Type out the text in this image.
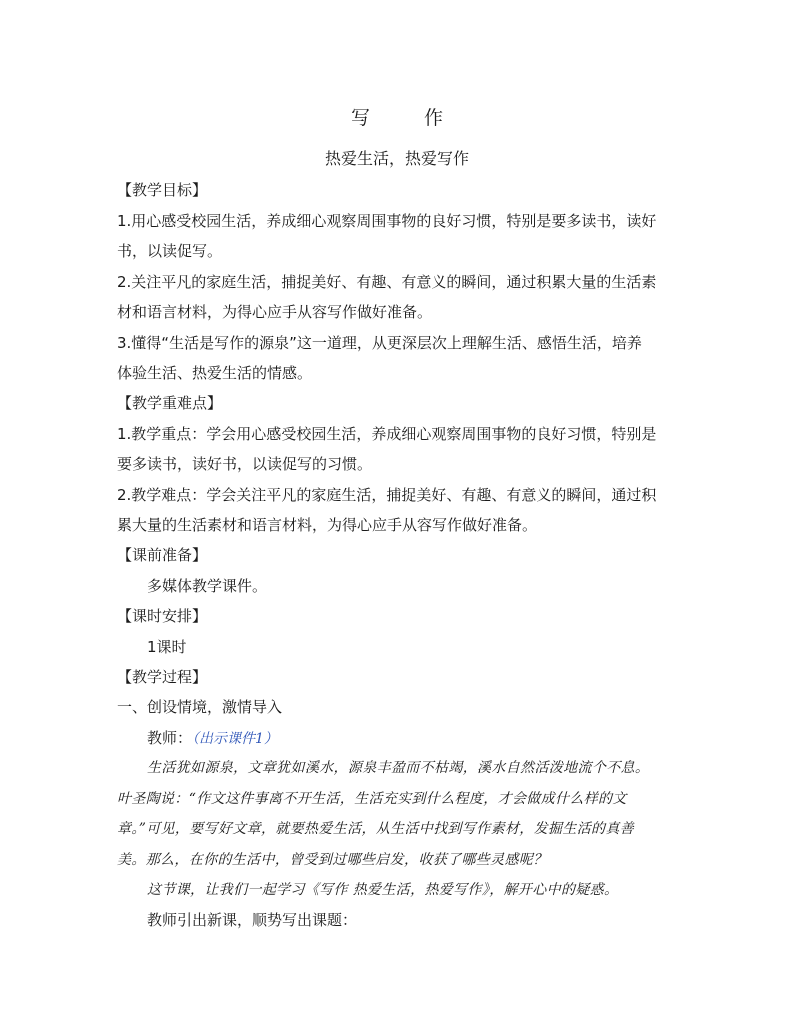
写 作
热爱生活，热爱写作
【教学目标】
1.用心感受校园生活，养成细心观察周围事物的良好习惯，特别是要多读书，读好
书，以读促写。
2.关注平凡的家庭生活，捕捉美好、有趣、有意义的瞬间，通过积累大量的生活素
材和语言材料，为得心应手从容写作做好准备。
3.懂得“生活是写作的源泉”这一道理，从更深层次上理解生活、感悟生活，培养
体验生活、热爱生活的情感。
【教学重难点】
1.教学重点：学会用心感受校园生活，养成细心观察周围事物的良好习惯，特别是
要多读书，读好书，以读促写的习惯。
2.教学难点：学会关注平凡的家庭生活，捕捉美好、有趣、有意义的瞬间，通过积
累大量的生活素材和语言材料，为得心应手从容写作做好准备。
【课前准备】
多媒体教学课件。
【课时安排】
1课时
【教学过程】
一、创设情境，激情导入
教师：（出示课件1）
生活犹如源泉，文章犹如溪水，源泉丰盈而不枯竭，溪水自然活泼地流个不息。
叶圣陶说：“作文这件事离不开生活，生活充实到什么程度，才会做成什么样的文
章。”可见，要写好文章，就要热爱生活，从生活中找到写作素材，发掘生活的真善
美。那么，在你的生活中，曾受到过哪些启发，收获了哪些灵感呢？
这节课，让我们一起学习《写作 热爱生活，热爱写作》，解开心中的疑惑。
教师引出新课，顺势写出课题：
